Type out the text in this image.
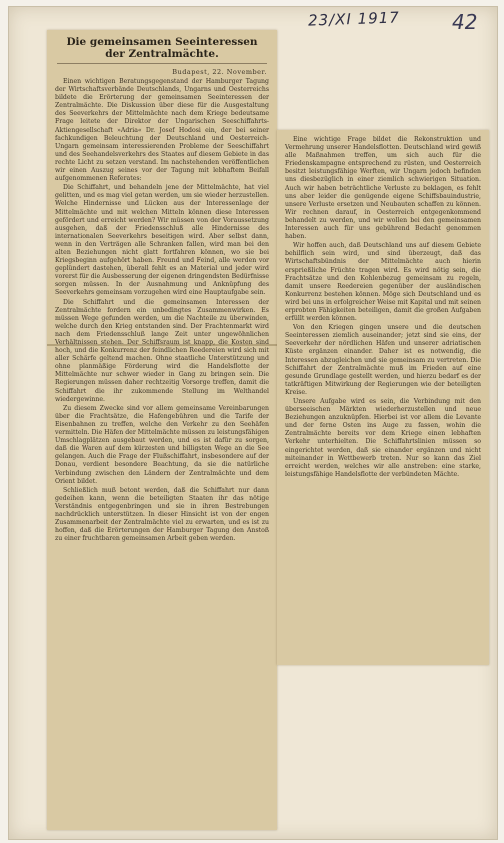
23/XI 1917	42
Die gemeinsamen Seeinteressen der Zentralmächte.
Budapest, 22. November.

Einen wichtigen Beratungsgegenstand der Hamburger Tagung der Wirtschaftsverbände Deutschlands, Ungarns und Oesterreichs bildete die Erörterung der gemeinsamen Seeinteressen der Zentralmächte. Die Diskussion über diese für die Ausgestaltung des Seeverkehrs der Mittelmächte nach dem Kriege bedeutsame Frage leitete der Direktor der Ungarischen Seeschiffahrts-Aktiengesellschaft »Adria« Dr. Josef Hodosi ein, der bei seiner fachkundigen Beleuchtung der Deutschland und Oesterreich-Ungarn gemeinsam interessierenden Probleme der Seeschiffahrt und des Seehandelsverkehrs des Staates auf diesem Gebiete in das rechte Licht zu setzen verstand. Im nachstehenden veröffentlichen wir einen Auszug seines vor der Tagung mit lebhaftem Beifall aufgenommenen Referates:

Die Schiffahrt, und behandeln jene der Mittelmächte, hat viel gelitten, und es mag viel getan werden, um sie wieder herzustellen. Welche Hindernisse und Lücken aus der Interessenlage der Mittelmächte und mit welchen Mitteln können diese Interessen gefördert und erreicht werden? Wir müssen von der Voraussetzung ausgehen, daß der Friedensschluß alle Hindernisse des internationalen Seeverkehrs beseitigen wird. Aber selbst dann, wenn in den Verträgen alle Schranken fallen, wird man bei den alten Beziehungen nicht glatt fortfahren können, wo sie bei Kriegsbeginn aufgehört haben. Freund und Feind, alle werden vor geplündert dastehen, überall fehlt es an Material und jeder wird vorerst für die Ausbesserung der eigenen dringendsten Bedürfnisse sorgen müssen. In der Ausnahmung und Anknüpfung des Seeverkehrs gemeinsam vorzugehen wird eine Hauptaufgabe sein.

Die Schiffahrt und die gemeinsamen Interessen der Zentralmächte fordern ein unbedingtes Zusammenwirken. Es müssen Wege gefunden werden, um die Nachteile zu überwinden, welche durch den Krieg entstanden sind. Der Frachtenmarkt wird nach dem Friedensschluß lange Zeit unter ungewöhnlichen Verhältnissen stehen. Der Schiffsraum ist knapp, die Kosten sind hoch, und die Konkurrenz der feindlichen Reedereien wird sich mit aller Schärfe geltend machen. Ohne staatliche Unterstützung und ohne planmäßige Förderung wird die Handelsflotte der Mittelmächte nur schwer wieder in Gang zu bringen sein. Die Regierungen müssen daher rechtzeitig Vorsorge treffen, damit die Schiffahrt die ihr zukommende Stellung im Welthandel wiedergewinne.

Zu diesem Zwecke sind vor allem gemeinsame Vereinbarungen über die Frachtsätze, die Hafengebühren und die Tarife der Eisenbahnen zu treffen, welche den Verkehr zu den Seehäfen vermitteln. Die Häfen der Mittelmächte müssen zu leistungsfähigen Umschlagplätzen ausgebaut werden, und es ist dafür zu sorgen, daß die Waren auf dem kürzesten und billigsten Wege an die See gelangen. Auch die Frage der Flußschiffahrt, insbesondere auf der Donau, verdient besondere Beachtung, da sie die natürliche Verbindung zwischen den Ländern der Zentralmächte und dem Orient bildet.

Schließlich muß betont werden, daß die Schiffahrt nur dann gedeihen kann, wenn die beteiligten Staaten ihr das nötige Verständnis entgegenbringen und sie in ihren Bestrebungen nachdrücklich unterstützen. In dieser Hinsicht ist von der engen Zusammenarbeit der Zentralmächte viel zu erwarten, und es ist zu hoffen, daß die Erörterungen der Hamburger Tagung den Anstoß zu einer fruchtbaren gemeinsamen Arbeit geben werden.

Eine wichtige Frage bildet die Rekonstruktion und Vermehrung unserer Handelsflotten. Deutschland wird gewiß alle Maßnahmen treffen, um sich auch für die Friedenskampagne entsprechend zu rüsten, und Oesterreich besitzt leistungsfähige Werften, wir Ungarn jedoch befinden uns diesbezüglich in einer ziemlich schwierigen Situation. Auch wir haben beträchtliche Verluste zu beklagen, es fehlt uns aber leider die genügende eigene Schiffsbauindustrie, unsere Verluste ersetzen und Neubauten schaffen zu können. Wir rechnen darauf, in Oesterreich entgegenkommend behandelt zu werden, und wir wollen bei den gemeinsamen Interessen auch für uns gebührend Bedacht genommen haben.

Wir hoffen auch, daß Deutschland uns auf diesem Gebiete behilflich sein wird, und sind überzeugt, daß das Wirtschaftsbündnis der Mittelmächte auch hierin ersprießliche Früchte tragen wird. Es wird nötig sein, die Frachtsätze und den Kohlenbezug gemeinsam zu regeln, damit unsere Reedereien gegenüber der ausländischen Konkurrenz bestehen können. Möge sich Deutschland und es wird bei uns in erfolgreicher Weise mit Kapital und mit seinen erprobten Fähigkeiten beteiligen, damit die großen Aufgaben erfüllt werden können.

Von den Kriegen gingen unsere und die deutschen Seeinteressen ziemlich auseinander; jetzt sind sie eins, der Seeverkehr der nördlichen Häfen und unserer adriatischen Küste ergänzen einander. Daher ist es notwendig, die Interessen abzugleichen und sie gemeinsam zu vertreten. Die Schiffahrt der Zentralmächte muß im Frieden auf eine gesunde Grundlage gestellt werden, und hierzu bedarf es der tatkräftigen Mitwirkung der Regierungen wie der beteiligten Kreise.

Unsere Aufgabe wird es sein, die Verbindung mit den überseeischen Märkten wiederherzustellen und neue Beziehungen anzuknüpfen. Hierbei ist vor allem die Levante und der ferne Osten ins Auge zu fassen, wohin die Zentralmächte bereits vor dem Kriege einen lebhaften Verkehr unterhielten. Die Schiffahrtslinien müssen so eingerichtet werden, daß sie einander ergänzen und nicht miteinander in Wettbewerb treten. Nur so kann das Ziel erreicht werden, welches wir alle anstreben: eine starke, leistungsfähige Handelsflotte der verbündeten Mächte.
